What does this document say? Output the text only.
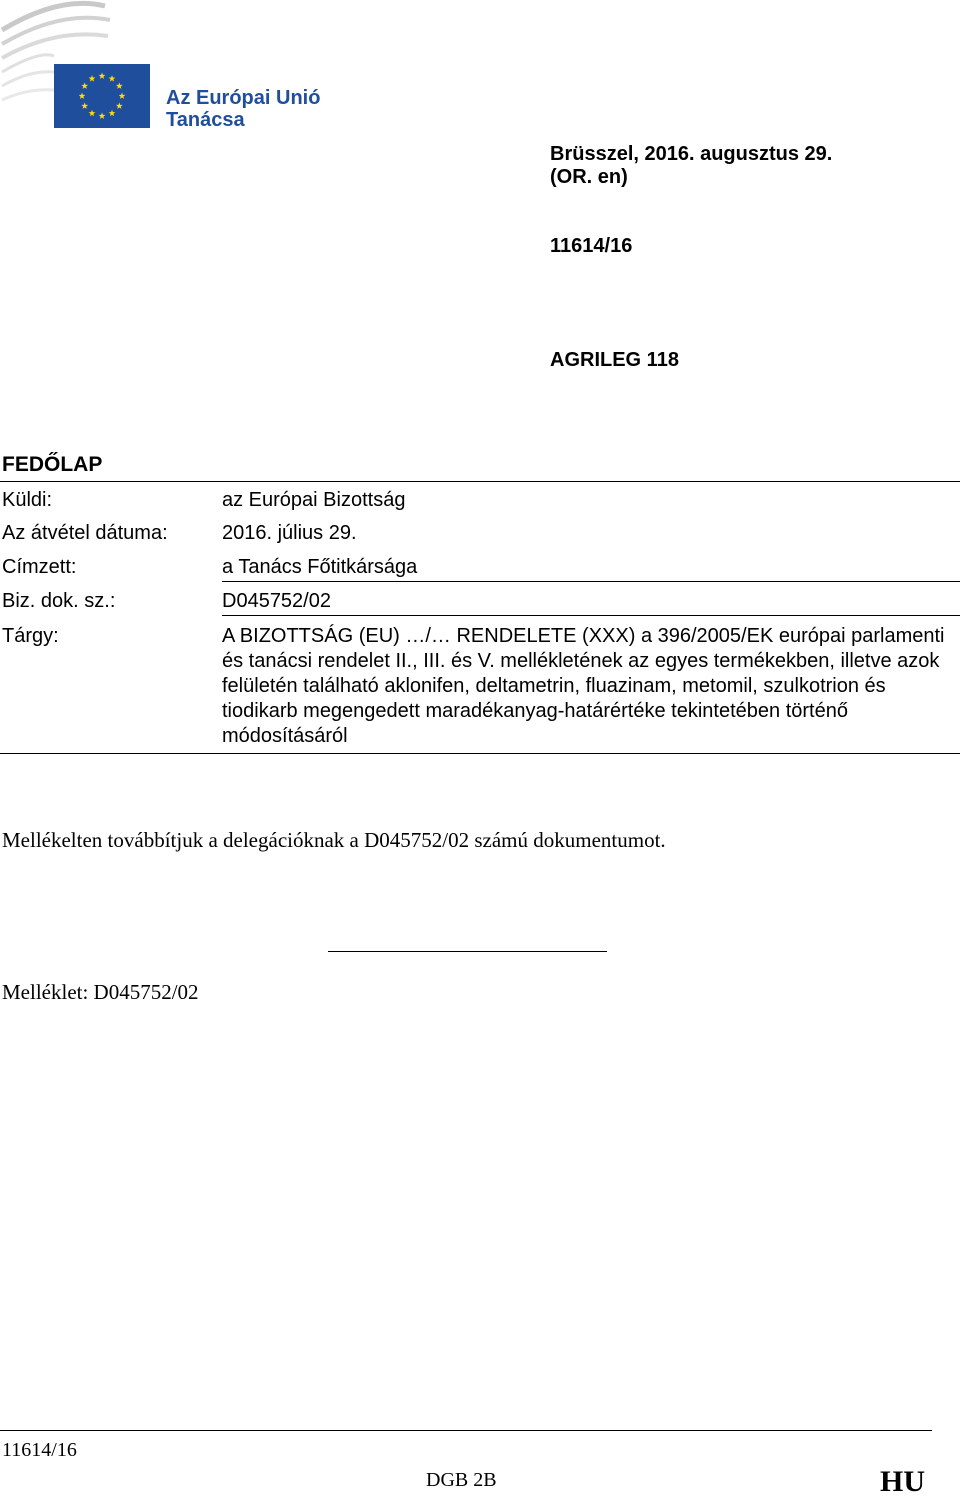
Az Európai Unió
Tanácsa
Brüsszel, 2016. augusztus 29.
(OR. en)
11614/16
AGRILEG 118
FEDŐLAP
Küldi:	az Európai Bizottság
Az átvétel dátuma:	2016. július 29.
Címzett:	a Tanács Főtitkársága
Biz. dok. sz.:	D045752/02
Tárgy:	A BIZOTTSÁG (EU) …/… RENDELETE (XXX) a 396/2005/EK európai parlamenti és tanácsi rendelet II., III. és V. mellékletének az egyes termékekben, illetve azok felületén található aklonifen, deltametrin, fluazinam, metomil, szulkotrion és tiodikarb megengedett maradékanyag-határértéke tekintetében történő módosításáról
Mellékelten továbbítjuk a delegációknak a D045752/02 számú dokumentumot.
Melléklet: D045752/02
11614/16
DGB 2B	HU
